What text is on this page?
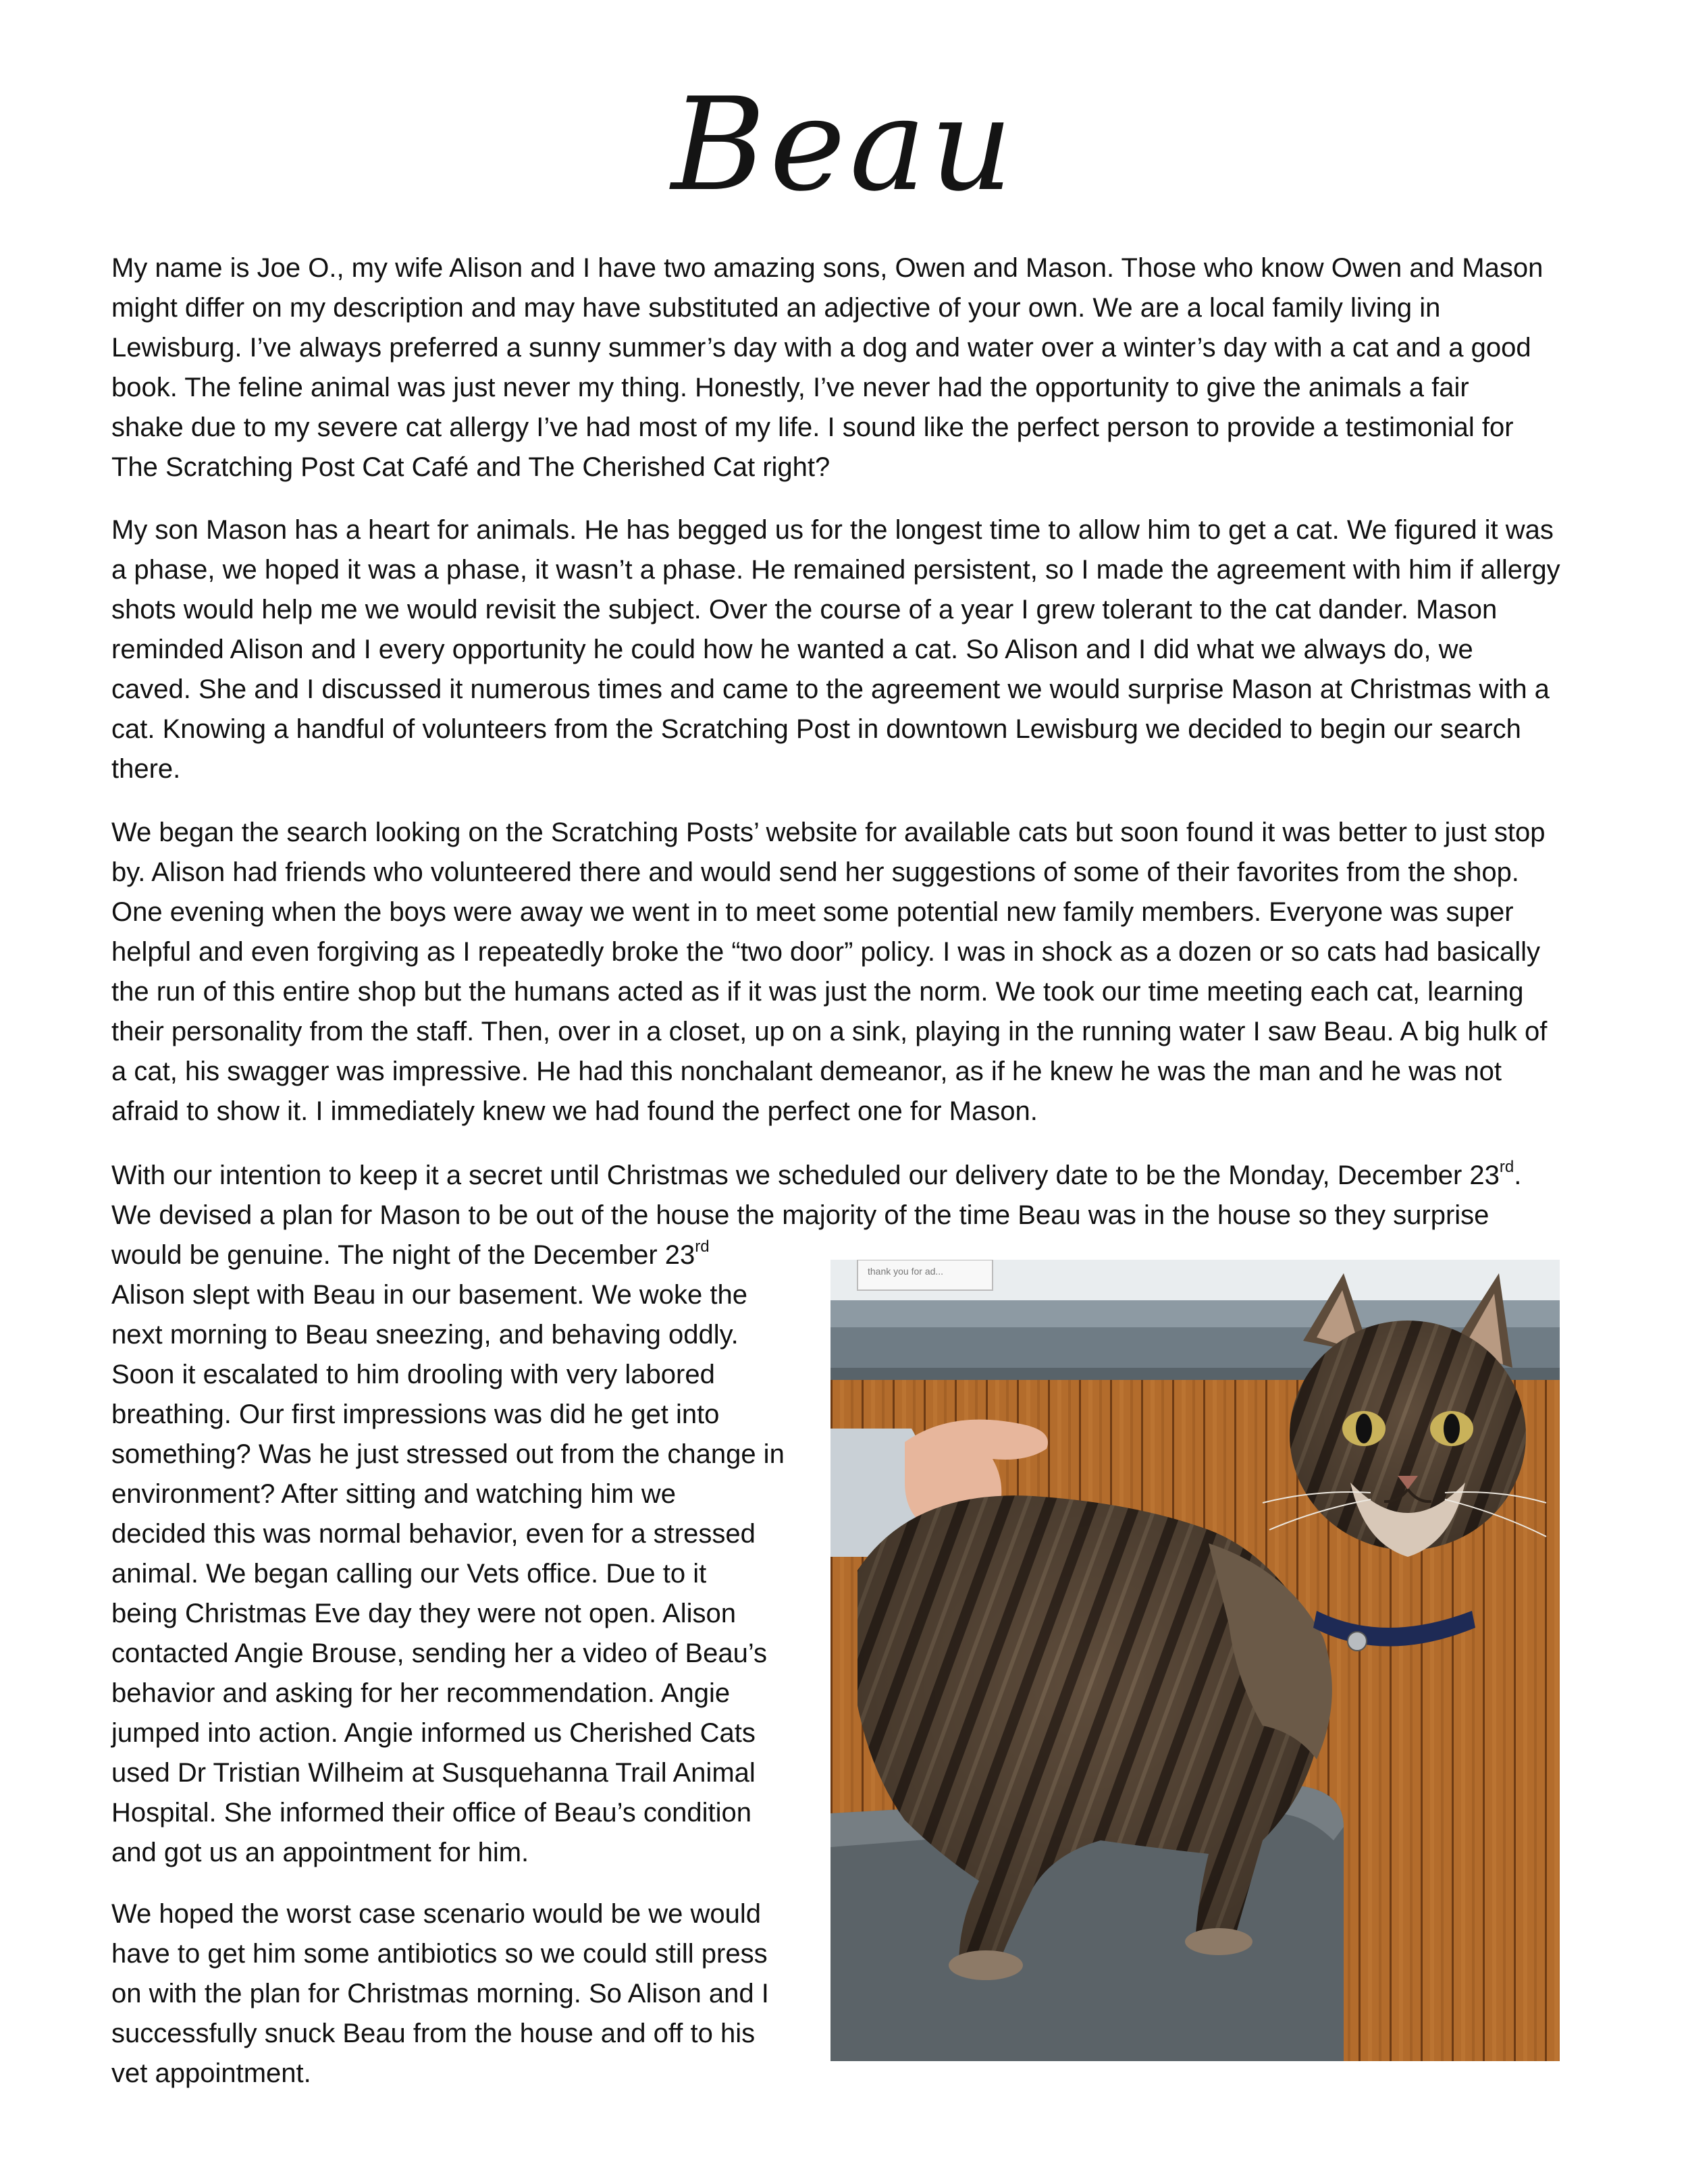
Beau

My name is Joe O., my wife Alison and I have two amazing sons, Owen and Mason. Those who know Owen and Mason
might differ on my description and may have substituted an adjective of your own. We are a local family living in
Lewisburg. I’ve always preferred a sunny summer’s day with a dog and water over a winter’s day with a cat and a good
book. The feline animal was just never my thing. Honestly, I’ve never had the opportunity to give the animals a fair
shake due to my severe cat allergy I’ve had most of my life. I sound like the perfect person to provide a testimonial for
The Scratching Post Cat Café and The Cherished Cat right?

My son Mason has a heart for animals. He has begged us for the longest time to allow him to get a cat. We figured it was
a phase, we hoped it was a phase, it wasn’t a phase. He remained persistent, so I made the agreement with him if allergy
shots would help me we would revisit the subject. Over the course of a year I grew tolerant to the cat dander. Mason
reminded Alison and I every opportunity he could how he wanted a cat. So Alison and I did what we always do, we
caved. She and I discussed it numerous times and came to the agreement we would surprise Mason at Christmas with a
cat. Knowing a handful of volunteers from the Scratching Post in downtown Lewisburg we decided to begin our search
there.

We began the search looking on the Scratching Posts’ website for available cats but soon found it was better to just stop
by. Alison had friends who volunteered there and would send her suggestions of some of their favorites from the shop.
One evening when the boys were away we went in to meet some potential new family members. Everyone was super
helpful and even forgiving as I repeatedly broke the “two door” policy. I was in shock as a dozen or so cats had basically
the run of this entire shop but the humans acted as if it was just the norm. We took our time meeting each cat, learning
their personality from the staff. Then, over in a closet, up on a sink, playing in the running water I saw Beau. A big hulk of
a cat, his swagger was impressive. He had this nonchalant demeanor, as if he knew he was the man and he was not
afraid to show it. I immediately knew we had found the perfect one for Mason.

With our intention to keep it a secret until Christmas we scheduled our delivery date to be the Monday, December 23rd.
We devised a plan for Mason to be out of the house the majority of the time Beau was in the house so they surprise
would be genuine. The night of the December 23rd
Alison slept with Beau in our basement. We woke the
next morning to Beau sneezing, and behaving oddly.
Soon it escalated to him drooling with very labored
breathing. Our first impressions was did he get into
something? Was he just stressed out from the change in
environment? After sitting and watching him we
decided this was normal behavior, even for a stressed
animal. We began calling our Vets office. Due to it
being Christmas Eve day they were not open. Alison
contacted Angie Brouse, sending her a video of Beau’s
behavior and asking for her recommendation. Angie
jumped into action. Angie informed us Cherished Cats
used Dr Tristian Wilheim at Susquehanna Trail Animal
Hospital. She informed their office of Beau’s condition
and got us an appointment for him.

We hoped the worst case scenario would be we would
have to get him some antibiotics so we could still press
on with the plan for Christmas morning. So Alison and I
successfully snuck Beau from the house and off to his
vet appointment.

thank you for ad...
